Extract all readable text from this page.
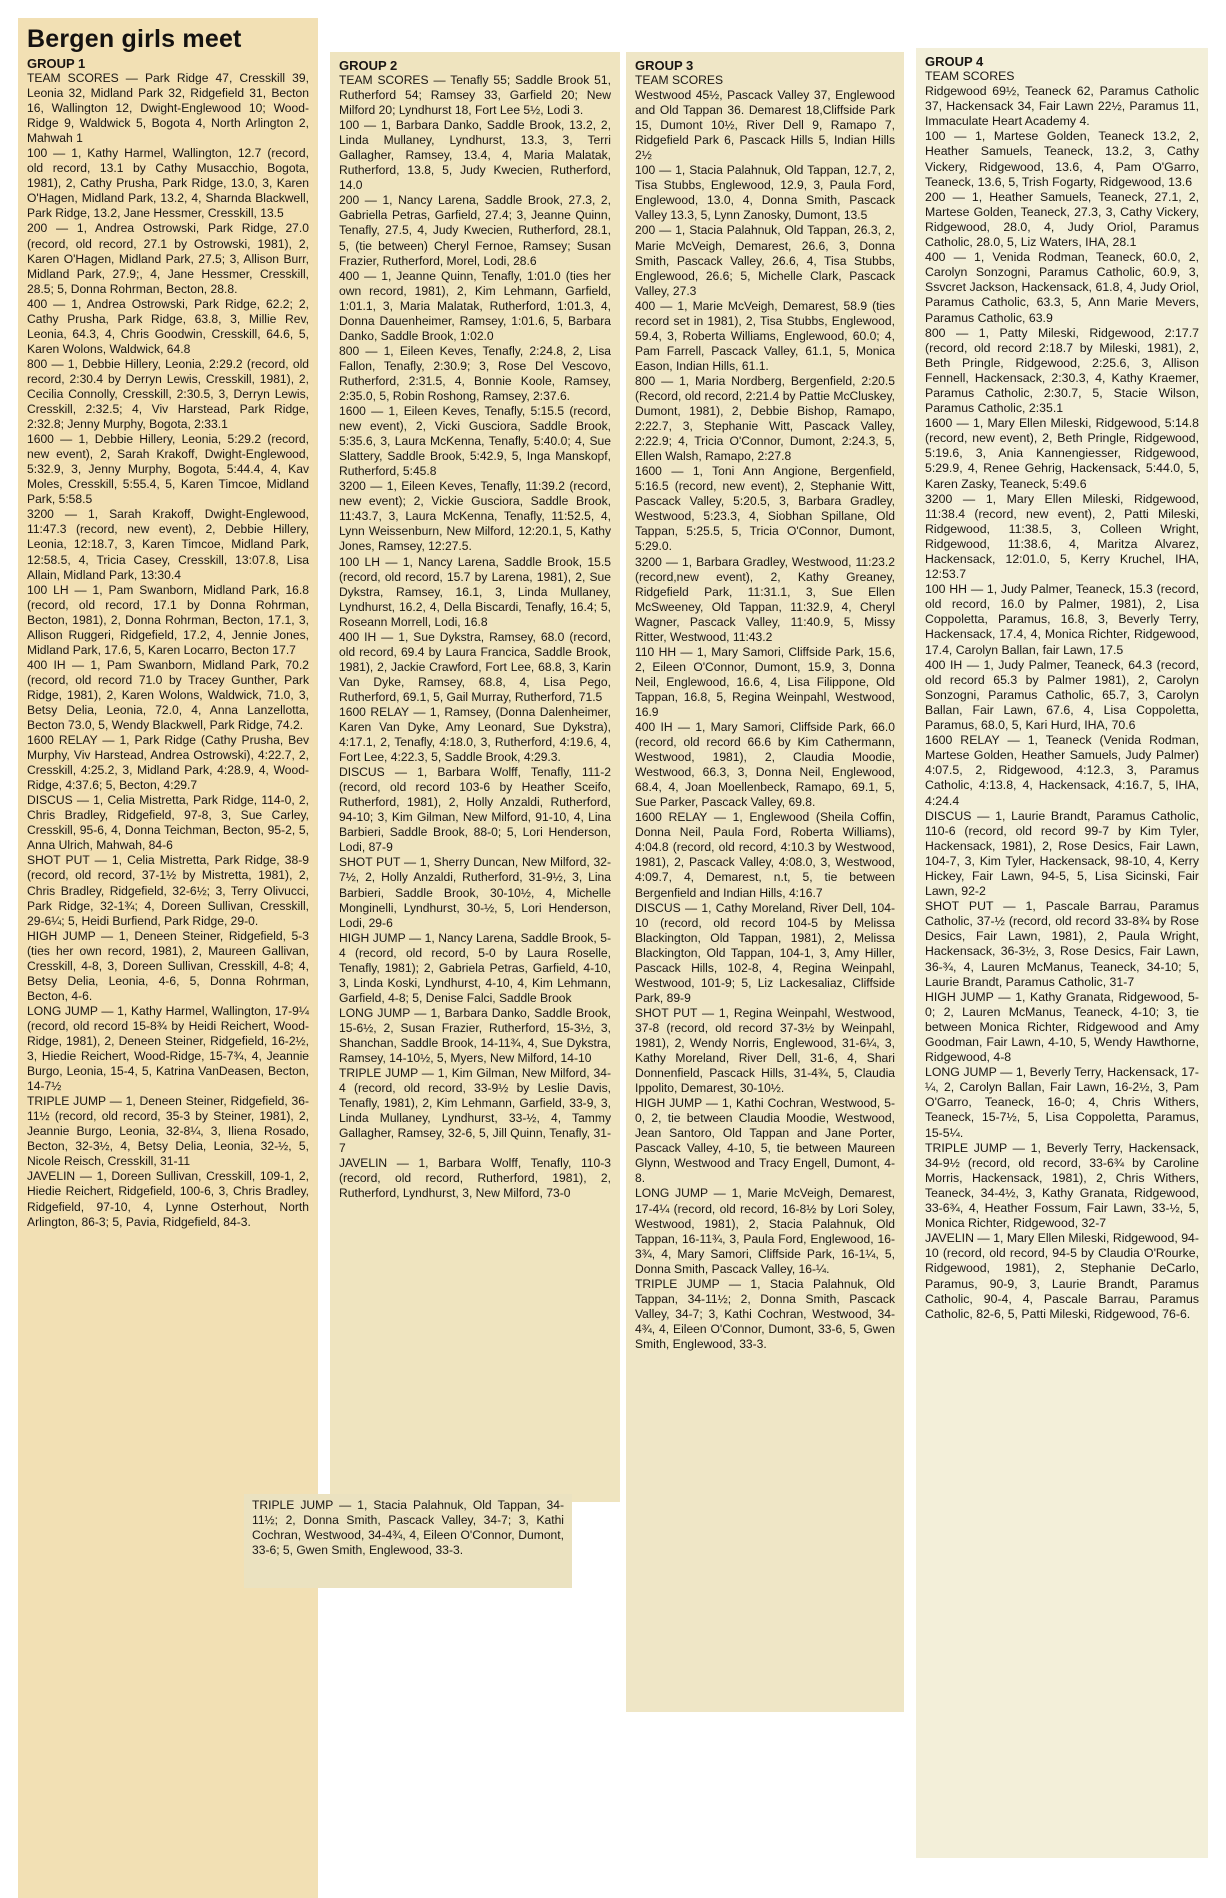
Bergen girls meet
GROUP 1
TEAM SCORES — Park Ridge 47, Cresskill 39, Leonia 32, Midland Park 32, Ridgefield 31, Becton 16, Wallington 12, Dwight-Englewood 10; Wood-Ridge 9, Waldwick 5, Bogota 4, North Arlington 2, Mahwah 1
100 — 1, Kathy Harmel, Wallington, 12.7 (record, old record, 13.1 by Cathy Musacchio, Bogota, 1981), 2, Cathy Prusha, Park Ridge, 13.0, 3, Karen O'Hagen, Midland Park, 13.2, 4, Sharnda Blackwell, Park Ridge, 13.2, Jane Hessmer, Cresskill, 13.5
200 — 1, Andrea Ostrowski, Park Ridge, 27.0 (record, old record, 27.1 by Ostrowski, 1981), 2, Karen O'Hagen, Midland Park, 27.5; 3, Allison Burr, Midland Park, 27.9;, 4, Jane Hessmer, Cresskill, 28.5; 5, Donna Rohrman, Becton, 28.8.
400 — 1, Andrea Ostrowski, Park Ridge, 62.2; 2, Cathy Prusha, Park Ridge, 63.8, 3, Millie Rev, Leonia, 64.3, 4, Chris Goodwin, Cresskill, 64.6, 5, Karen Wolons, Waldwick, 64.8
800 — 1, Debbie Hillery, Leonia, 2:29.2 (record, old record, 2:30.4 by Derryn Lewis, Cresskill, 1981), 2, Cecilia Connolly, Cresskill, 2:30.5, 3, Derryn Lewis, Cresskill, 2:32.5; 4, Viv Harstead, Park Ridge, 2:32.8; Jenny Murphy, Bogota, 2:33.1
1600 — 1, Debbie Hillery, Leonia, 5:29.2 (record, new event), 2, Sarah Krakoff, Dwight-Englewood, 5:32.9, 3, Jenny Murphy, Bogota, 5:44.4, 4, Kav Moles, Cresskill, 5:55.4, 5, Karen Timcoe, Midland Park, 5:58.5
3200 — 1, Sarah Krakoff, Dwight-Englewood, 11:47.3 (record, new event), 2, Debbie Hillery, Leonia, 12:18.7, 3, Karen Timcoe, Midland Park, 12:58.5, 4, Tricia Casey, Cresskill, 13:07.8, Lisa Allain, Midland Park, 13:30.4
100 LH — 1, Pam Swanborn, Midland Park, 16.8 (record, old record, 17.1 by Donna Rohrman, Becton, 1981), 2, Donna Rohrman, Becton, 17.1, 3, Allison Ruggeri, Ridgefield, 17.2, 4, Jennie Jones, Midland Park, 17.6, 5, Karen Locarro, Becton 17.7
400 IH — 1, Pam Swanborn, Midland Park, 70.2 (record, old record 71.0 by Tracey Gunther, Park Ridge, 1981), 2, Karen Wolons, Waldwick, 71.0, 3, Betsy Delia, Leonia, 72.0, 4, Anna Lanzellotta, Becton 73.0, 5, Wendy Blackwell, Park Ridge, 74.2.
1600 RELAY — 1, Park Ridge (Cathy Prusha, Bev Murphy, Viv Harstead, Andrea Ostrowski), 4:22.7, 2, Cresskill, 4:25.2, 3, Midland Park, 4:28.9, 4, Wood-Ridge, 4:37.6; 5, Becton, 4:29.7
DISCUS — 1, Celia Mistretta, Park Ridge, 114-0, 2, Chris Bradley, Ridgefield, 97-8, 3, Sue Carley, Cresskill, 95-6, 4, Donna Teichman, Becton, 95-2, 5, Anna Ulrich, Mahwah, 84-6
SHOT PUT — 1, Celia Mistretta, Park Ridge, 38-9 (record, old record, 37-1½ by Mistretta, 1981), 2, Chris Bradley, Ridgefield, 32-6½; 3, Terry Olivucci, Park Ridge, 32-1¾; 4, Doreen Sullivan, Cresskill, 29-6¼; 5, Heidi Burfiend, Park Ridge, 29-0.
HIGH JUMP — 1, Deneen Steiner, Ridgefield, 5-3 (ties her own record, 1981), 2, Maureen Gallivan, Cresskill, 4-8, 3, Doreen Sullivan, Cresskill, 4-8; 4, Betsy Delia, Leonia, 4-6, 5, Donna Rohrman, Becton, 4-6.
LONG JUMP — 1, Kathy Harmel, Wallington, 17-9¼ (record, old record 15-8¾ by Heidi Reichert, Wood-Ridge, 1981), 2, Deneen Steiner, Ridgefield, 16-2½, 3, Hiedie Reichert, Wood-Ridge, 15-7¾, 4, Jeannie Burgo, Leonia, 15-4, 5, Katrina VanDeasen, Becton, 14-7½
TRIPLE JUMP — 1, Deneen Steiner, Ridgefield, 36-11½ (record, old record, 35-3 by Steiner, 1981), 2, Jeannie Burgo, Leonia, 32-8¼, 3, Iliena Rosado, Becton, 32-3½, 4, Betsy Delia, Leonia, 32-½, 5, Nicole Reisch, Cresskill, 31-11
JAVELIN — 1, Doreen Sullivan, Cresskill, 109-1, 2, Hiedie Reichert, Ridgefield, 100-6, 3, Chris Bradley, Ridgefield, 97-10, 4, Lynne Osterhout, North Arlington, 86-3; 5, Pavia, Ridgefield, 84-3.
GROUP 2
TEAM SCORES — Tenafly 55; Saddle Brook 51, Rutherford 54; Ramsey 33, Garfield 20; New Milford 20; Lyndhurst 18, Fort Lee 5½, Lodi 3.
100 — 1, Barbara Danko, Saddle Brook, 13.2, 2, Linda Mullaney, Lyndhurst, 13.3, 3, Terri Gallagher, Ramsey, 13.4, 4, Maria Malatak, Rutherford, 13.8, 5, Judy Kwecien, Rutherford, 14.0
200 — 1, Nancy Larena, Saddle Brook, 27.3, 2, Gabriella Petras, Garfield, 27.4; 3, Jeanne Quinn, Tenafly, 27.5, 4, Judy Kwecien, Rutherford, 28.1, 5, (tie between) Cheryl Fernoe, Ramsey; Susan Frazier, Rutherford, Morel, Lodi, 28.6
400 — 1, Jeanne Quinn, Tenafly, 1:01.0 (ties her own record, 1981), 2, Kim Lehmann, Garfield, 1:01.1, 3, Maria Malatak, Rutherford, 1:01.3, 4, Donna Dauenheimer, Ramsey, 1:01.6, 5, Barbara Danko, Saddle Brook, 1:02.0
800 — 1, Eileen Keves, Tenafly, 2:24.8, 2, Lisa Fallon, Tenafly, 2:30.9; 3, Rose Del Vescovo, Rutherford, 2:31.5, 4, Bonnie Koole, Ramsey, 2:35.0, 5, Robin Roshong, Ramsey, 2:37.6.
1600 — 1, Eileen Keves, Tenafly, 5:15.5 (record, new event), 2, Vicki Gusciora, Saddle Brook, 5:35.6, 3, Laura McKenna, Tenafly, 5:40.0; 4, Sue Slattery, Saddle Brook, 5:42.9, 5, Inga Manskopf, Rutherford, 5:45.8
3200 — 1, Eileen Keves, Tenafly, 11:39.2 (record, new event); 2, Vickie Gusciora, Saddle Brook, 11:43.7, 3, Laura McKenna, Tenafly, 11:52.5, 4, Lynn Weissenburn, New Milford, 12:20.1, 5, Kathy Jones, Ramsey, 12:27.5.
100 LH — 1, Nancy Larena, Saddle Brook, 15.5 (record, old record, 15.7 by Larena, 1981), 2, Sue Dykstra, Ramsey, 16.1, 3, Linda Mullaney, Lyndhurst, 16.2, 4, Della Biscardi, Tenafly, 16.4; 5, Roseann Morrell, Lodi, 16.8
400 IH — 1, Sue Dykstra, Ramsey, 68.0 (record, old record, 69.4 by Laura Francica, Saddle Brook, 1981), 2, Jackie Crawford, Fort Lee, 68.8, 3, Karin Van Dyke, Ramsey, 68.8, 4, Lisa Pego, Rutherford, 69.1, 5, Gail Murray, Rutherford, 71.5
1600 RELAY — 1, Ramsey, (Donna Dalenheimer, Karen Van Dyke, Amy Leonard, Sue Dykstra), 4:17.1, 2, Tenafly, 4:18.0, 3, Rutherford, 4:19.6, 4, Fort Lee, 4:22.3, 5, Saddle Brook, 4:29.3.
DISCUS — 1, Barbara Wolff, Tenafly, 111-2 (record, old record 103-6 by Heather Sceifo, Rutherford, 1981), 2, Holly Anzaldi, Rutherford, 94-10; 3, Kim Gilman, New Milford, 91-10, 4, Lina Barbieri, Saddle Brook, 88-0; 5, Lori Henderson, Lodi, 87-9
SHOT PUT — 1, Sherry Duncan, New Milford, 32-7½, 2, Holly Anzaldi, Rutherford, 31-9½, 3, Lina Barbieri, Saddle Brook, 30-10½, 4, Michelle Monginelli, Lyndhurst, 30-½, 5, Lori Henderson, Lodi, 29-6
HIGH JUMP — 1, Nancy Larena, Saddle Brook, 5-4 (record, old record, 5-0 by Laura Roselle, Tenafly, 1981); 2, Gabriela Petras, Garfield, 4-10, 3, Linda Koski, Lyndhurst, 4-10, 4, Kim Lehmann, Garfield, 4-8; 5, Denise Falci, Saddle Brook
LONG JUMP — 1, Barbara Danko, Saddle Brook, 15-6½, 2, Susan Frazier, Rutherford, 15-3½, 3, Shanchan, Saddle Brook, 14-11¾, 4, Sue Dykstra, Ramsey, 14-10½, 5, Myers, New Milford, 14-10
TRIPLE JUMP — 1, Kim Gilman, New Milford, 34-4 (record, old record, 33-9½ by Leslie Davis, Tenafly, 1981), 2, Kim Lehmann, Garfield, 33-9, 3, Linda Mullaney, Lyndhurst, 33-½, 4, Tammy Gallagher, Ramsey, 32-6, 5, Jill Quinn, Tenafly, 31-7
JAVELIN — 1, Barbara Wolff, Tenafly, 110-3 (record, old record, Rutherford, 1981), 2, Rutherford, Lyndhurst, 3, New Milford, 73-0
TRIPLE JUMP — 1, Stacia Palahnuk, Old Tappan, 34-11½; 2, Donna Smith, Pascack Valley, 34-7; 3, Kathi Cochran, Westwood, 34-4¾, 4, Eileen O'Connor, Dumont, 33-6; 5, Gwen Smith, Englewood, 33-3.
GROUP 3
TEAM SCORES
Westwood 45½, Pascack Valley 37, Englewood and Old Tappan 36. Demarest 18,Cliffside Park 15, Dumont 10½, River Dell 9, Ramapo 7, Ridgefield Park 6, Pascack Hills 5, Indian Hills 2½
100 — 1, Stacia Palahnuk, Old Tappan, 12.7, 2, Tisa Stubbs, Englewood, 12.9, 3, Paula Ford, Englewood, 13.0, 4, Donna Smith, Pascack Valley 13.3, 5, Lynn Zanosky, Dumont, 13.5
200 — 1, Stacia Palahnuk, Old Tappan, 26.3, 2, Marie McVeigh, Demarest, 26.6, 3, Donna Smith, Pascack Valley, 26.6, 4, Tisa Stubbs, Englewood, 26.6; 5, Michelle Clark, Pascack Valley, 27.3
400 — 1, Marie McVeigh, Demarest, 58.9 (ties record set in 1981), 2, Tisa Stubbs, Englewood, 59.4, 3, Roberta Williams, Englewood, 60.0; 4, Pam Farrell, Pascack Valley, 61.1, 5, Monica Eason, Indian Hills, 61.1.
800 — 1, Maria Nordberg, Bergenfield, 2:20.5 (Record, old record, 2:21.4 by Pattie McCluskey, Dumont, 1981), 2, Debbie Bishop, Ramapo, 2:22.7, 3, Stephanie Witt, Pascack Valley, 2:22.9; 4, Tricia O'Connor, Dumont, 2:24.3, 5, Ellen Walsh, Ramapo, 2:27.8
1600 — 1, Toni Ann Angione, Bergenfield, 5:16.5 (record, new event), 2, Stephanie Witt, Pascack Valley, 5:20.5, 3, Barbara Gradley, Westwood, 5:23.3, 4, Siobhan Spillane, Old Tappan, 5:25.5, 5, Tricia O'Connor, Dumont, 5:29.0.
3200 — 1, Barbara Gradley, Westwood, 11:23.2 (record,new event), 2, Kathy Greaney, Ridgefield Park, 11:31.1, 3, Sue Ellen McSweeney, Old Tappan, 11:32.9, 4, Cheryl Wagner, Pascack Valley, 11:40.9, 5, Missy Ritter, Westwood, 11:43.2
110 HH — 1, Mary Samori, Cliffside Park, 15.6, 2, Eileen O'Connor, Dumont, 15.9, 3, Donna Neil, Englewood, 16.6, 4, Lisa Filippone, Old Tappan, 16.8, 5, Regina Weinpahl, Westwood, 16.9
400 IH — 1, Mary Samori, Cliffside Park, 66.0 (record, old record 66.6 by Kim Cathermann, Westwood, 1981), 2, Claudia Moodie, Westwood, 66.3, 3, Donna Neil, Englewood, 68.4, 4, Joan Moellenbeck, Ramapo, 69.1, 5, Sue Parker, Pascack Valley, 69.8.
1600 RELAY — 1, Englewood (Sheila Coffin, Donna Neil, Paula Ford, Roberta Williams), 4:04.8 (record, old record, 4:10.3 by Westwood, 1981), 2, Pascack Valley, 4:08.0, 3, Westwood, 4:09.7, 4, Demarest, n.t, 5, tie between Bergenfield and Indian Hills, 4:16.7
DISCUS — 1, Cathy Moreland, River Dell, 104-10 (record, old record 104-5 by Melissa Blackington, Old Tappan, 1981), 2, Melissa Blackington, Old Tappan, 104-1, 3, Amy Hiller, Pascack Hills, 102-8, 4, Regina Weinpahl, Westwood, 101-9; 5, Liz Lackesaliaz, Cliffside Park, 89-9
SHOT PUT — 1, Regina Weinpahl, Westwood, 37-8 (record, old record 37-3½ by Weinpahl, 1981), 2, Wendy Norris, Englewood, 31-6¼, 3, Kathy Moreland, River Dell, 31-6, 4, Shari Donnenfield, Pascack Hills, 31-4¾, 5, Claudia Ippolito, Demarest, 30-10½.
HIGH JUMP — 1, Kathi Cochran, Westwood, 5-0, 2, tie between Claudia Moodie, Westwood, Jean Santoro, Old Tappan and Jane Porter, Pascack Valley, 4-10, 5, tie between Maureen Glynn, Westwood and Tracy Engell, Dumont, 4-8.
LONG JUMP — 1, Marie McVeigh, Demarest, 17-4¼ (record, old record, 16-8½ by Lori Soley, Westwood, 1981), 2, Stacia Palahnuk, Old Tappan, 16-11¾, 3, Paula Ford, Englewood, 16-3¾, 4, Mary Samori, Cliffside Park, 16-1¼, 5, Donna Smith, Pascack Valley, 16-¼.
TRIPLE JUMP — 1, Stacia Palahnuk, Old Tappan, 34-11½; 2, Donna Smith, Pascack Valley, 34-7; 3, Kathi Cochran, Westwood, 34-4¾, 4, Eileen O'Connor, Dumont, 33-6, 5, Gwen Smith, Englewood, 33-3.
GROUP 4
TEAM SCORES
Ridgewood 69½, Teaneck 62, Paramus Catholic 37, Hackensack 34, Fair Lawn 22½, Paramus 11, Immaculate Heart Academy 4.
100 — 1, Martese Golden, Teaneck 13.2, 2, Heather Samuels, Teaneck, 13.2, 3, Cathy Vickery, Ridgewood, 13.6, 4, Pam O'Garro, Teaneck, 13.6, 5, Trish Fogarty, Ridgewood, 13.6
200 — 1, Heather Samuels, Teaneck, 27.1, 2, Martese Golden, Teaneck, 27.3, 3, Cathy Vickery, Ridgewood, 28.0, 4, Judy Oriol, Paramus Catholic, 28.0, 5, Liz Waters, IHA, 28.1
400 — 1, Venida Rodman, Teaneck, 60.0, 2, Carolyn Sonzogni, Paramus Catholic, 60.9, 3, Ssvcret Jackson, Hackensack, 61.8, 4, Judy Oriol, Paramus Catholic, 63.3, 5, Ann Marie Mevers, Paramus Catholic, 63.9
800 — 1, Patty Mileski, Ridgewood, 2:17.7 (record, old record 2:18.7 by Mileski, 1981), 2, Beth Pringle, Ridgewood, 2:25.6, 3, Allison Fennell, Hackensack, 2:30.3, 4, Kathy Kraemer, Paramus Catholic, 2:30.7, 5, Stacie Wilson, Paramus Catholic, 2:35.1
1600 — 1, Mary Ellen Mileski, Ridgewood, 5:14.8 (record, new event), 2, Beth Pringle, Ridgewood, 5:19.6, 3, Ania Kannengiesser, Ridgewood, 5:29.9, 4, Renee Gehrig, Hackensack, 5:44.0, 5, Karen Zasky, Teaneck, 5:49.6
3200 — 1, Mary Ellen Mileski, Ridgewood, 11:38.4 (record, new event), 2, Patti Mileski, Ridgewood, 11:38.5, 3, Colleen Wright, Ridgewood, 11:38.6, 4, Maritza Alvarez, Hackensack, 12:01.0, 5, Kerry Kruchel, IHA, 12:53.7
100 HH — 1, Judy Palmer, Teaneck, 15.3 (record, old record, 16.0 by Palmer, 1981), 2, Lisa Coppoletta, Paramus, 16.8, 3, Beverly Terry, Hackensack, 17.4, 4, Monica Richter, Ridgewood, 17.4, Carolyn Ballan, fair Lawn, 17.5
400 IH — 1, Judy Palmer, Teaneck, 64.3 (record, old record 65.3 by Palmer 1981), 2, Carolyn Sonzogni, Paramus Catholic, 65.7, 3, Carolyn Ballan, Fair Lawn, 67.6, 4, Lisa Coppoletta, Paramus, 68.0, 5, Kari Hurd, IHA, 70.6
1600 RELAY — 1, Teaneck (Venida Rodman, Martese Golden, Heather Samuels, Judy Palmer) 4:07.5, 2, Ridgewood, 4:12.3, 3, Paramus Catholic, 4:13.8, 4, Hackensack, 4:16.7, 5, IHA, 4:24.4
DISCUS — 1, Laurie Brandt, Paramus Catholic, 110-6 (record, old record 99-7 by Kim Tyler, Hackensack, 1981), 2, Rose Desics, Fair Lawn, 104-7, 3, Kim Tyler, Hackensack, 98-10, 4, Kerry Hickey, Fair Lawn, 94-5, 5, Lisa Sicinski, Fair Lawn, 92-2
SHOT PUT — 1, Pascale Barrau, Paramus Catholic, 37-½ (record, old record 33-8¾ by Rose Desics, Fair Lawn, 1981), 2, Paula Wright, Hackensack, 36-3½, 3, Rose Desics, Fair Lawn, 36-¾, 4, Lauren McManus, Teaneck, 34-10; 5, Laurie Brandt, Paramus Catholic, 31-7
HIGH JUMP — 1, Kathy Granata, Ridgewood, 5-0; 2, Lauren McManus, Teaneck, 4-10; 3, tie between Monica Richter, Ridgewood and Amy Goodman, Fair Lawn, 4-10, 5, Wendy Hawthorne, Ridgewood, 4-8
LONG JUMP — 1, Beverly Terry, Hackensack, 17-¼, 2, Carolyn Ballan, Fair Lawn, 16-2½, 3, Pam O'Garro, Teaneck, 16-0; 4, Chris Withers, Teaneck, 15-7½, 5, Lisa Coppoletta, Paramus, 15-5¼.
TRIPLE JUMP — 1, Beverly Terry, Hackensack, 34-9½ (record, old record, 33-6¾ by Caroline Morris, Hackensack, 1981), 2, Chris Withers, Teaneck, 34-4½, 3, Kathy Granata, Ridgewood, 33-6¾, 4, Heather Fossum, Fair Lawn, 33-½, 5, Monica Richter, Ridgewood, 32-7
JAVELIN — 1, Mary Ellen Mileski, Ridgewood, 94-10 (record, old record, 94-5 by Claudia O'Rourke, Ridgewood, 1981), 2, Stephanie DeCarlo, Paramus, 90-9, 3, Laurie Brandt, Paramus Catholic, 90-4, 4, Pascale Barrau, Paramus Catholic, 82-6, 5, Patti Mileski, Ridgewood, 76-6.
